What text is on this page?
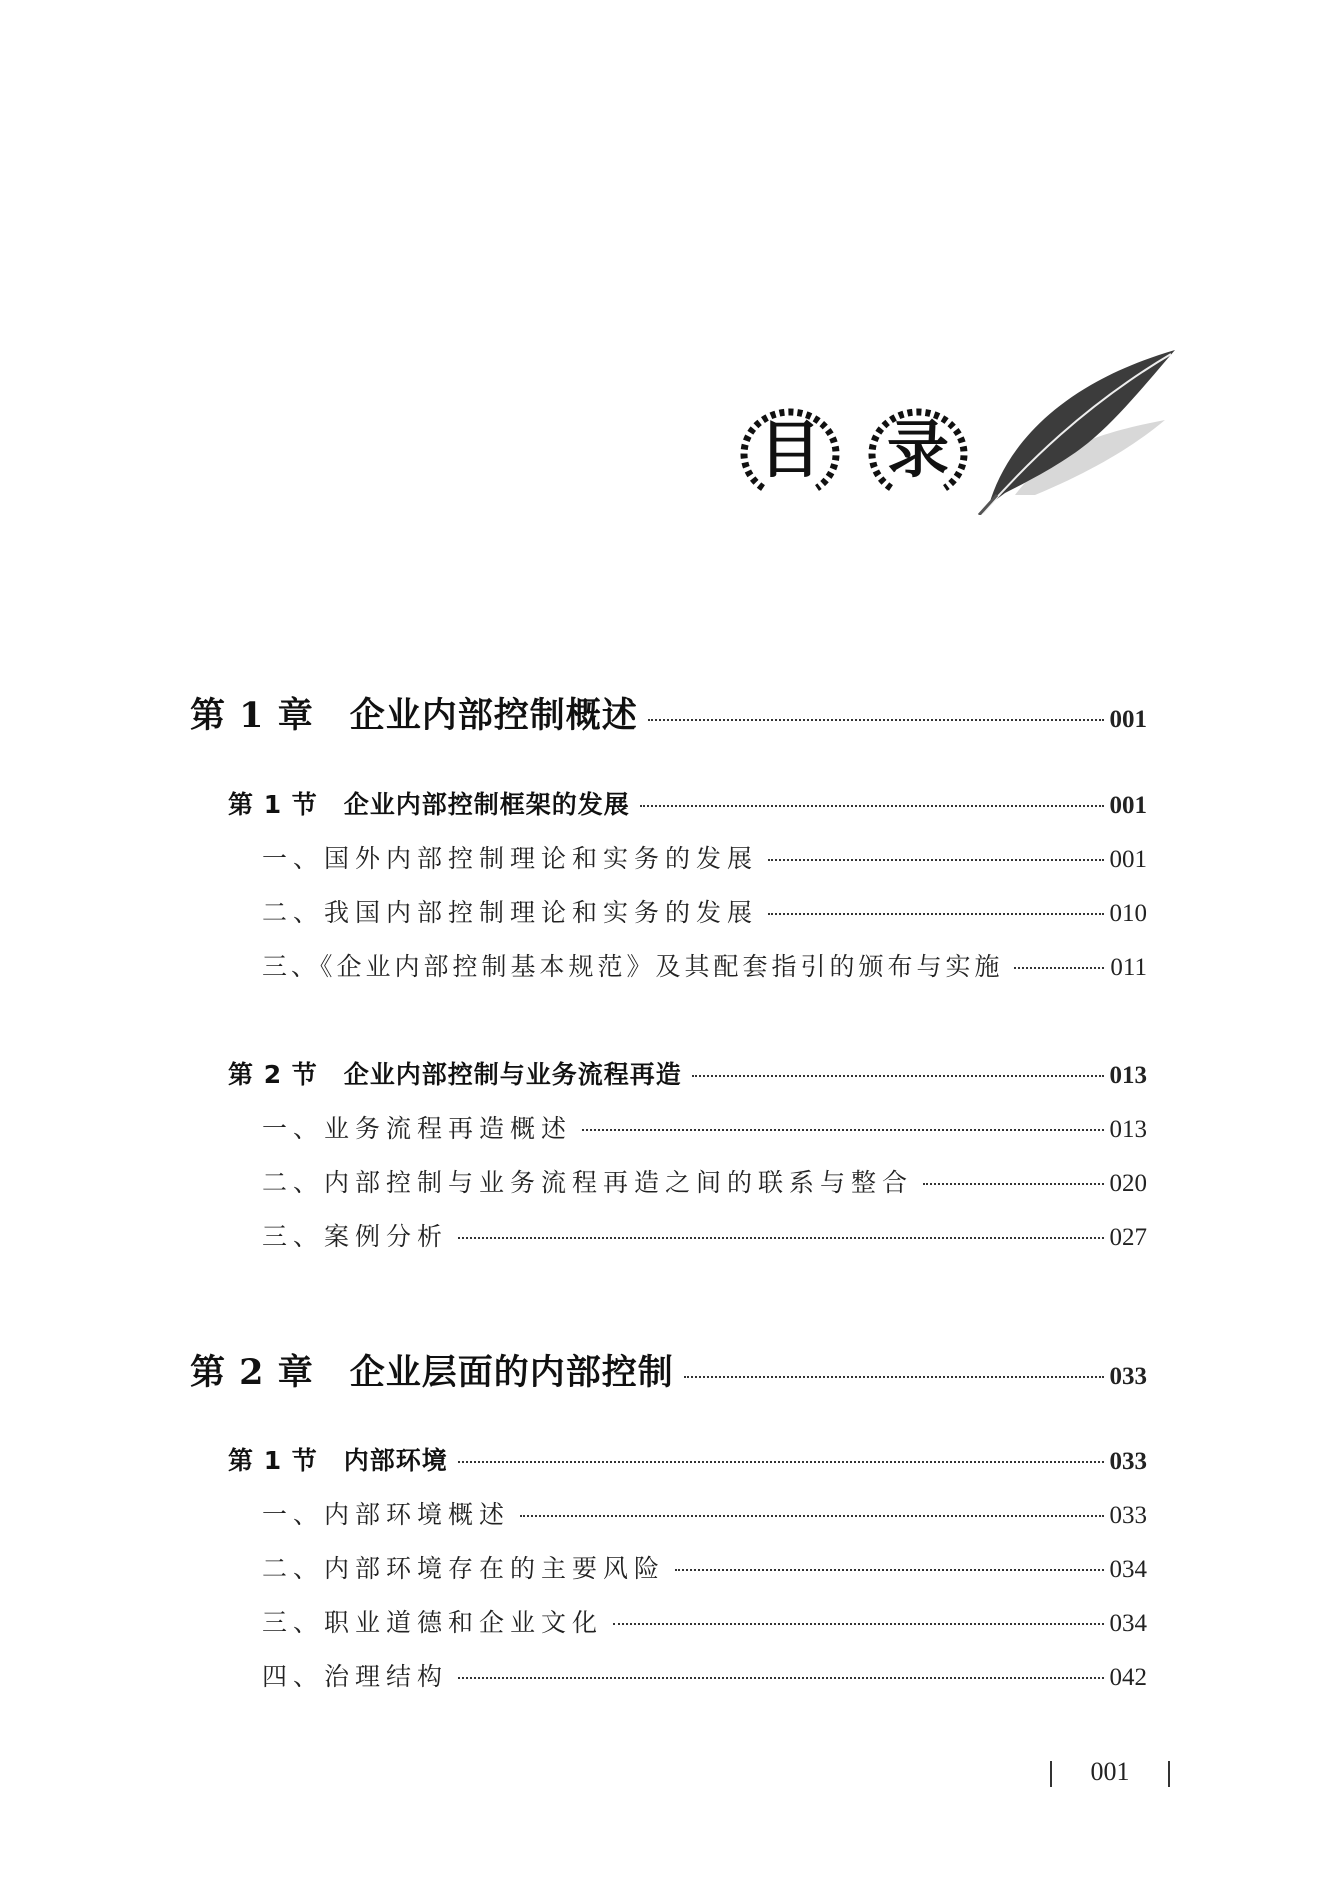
目	录
第 1 章　企业内部控制概述	001
第 1 节　企业内部控制框架的发展	001
一、国外内部控制理论和实务的发展	001
二、我国内部控制理论和实务的发展	010
三、《企业内部控制基本规范》及其配套指引的颁布与实施	011
第 2 节　企业内部控制与业务流程再造	013
一、业务流程再造概述	013
二、内部控制与业务流程再造之间的联系与整合	020
三、案例分析	027
第 2 章　企业层面的内部控制	033
第 1 节　内部环境	033
一、内部环境概述	033
二、内部环境存在的主要风险	034
三、职业道德和企业文化	034
四、治理结构	042
001
